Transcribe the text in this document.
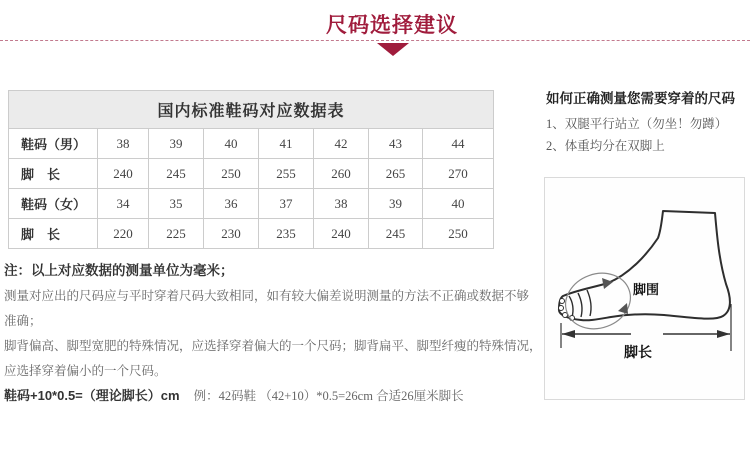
尺码选择建议
国内标准鞋码对应数据表							
鞋码（男）	38	39	40	41	42	43	44
脚　长	240	245	250	255	260	265	270
鞋码（女）	34	35	36	37	38	39	40
脚　长	220	225	230	235	240	245	250

注：以上对应数据的测量单位为毫米；

测量对应出的尺码应与平时穿着尺码大致相同，如有较大偏差说明测量的方法不正确或数据不够

准确；

脚背偏高、脚型宽肥的特殊情况，应选择穿着偏大的一个尺码；脚背扁平、脚型纤瘦的特殊情况，

应选择穿着偏小的一个尺码。

鞋码+10*0.5=（理论脚长）cm 例：42码鞋 （42+10）*0.5=26cm 合适26厘米脚长

如何正确测量您需要穿着的尺码

1、双腿平行站立（勿坐！勿蹲）

2、体重均分在双脚上

脚围
脚长
